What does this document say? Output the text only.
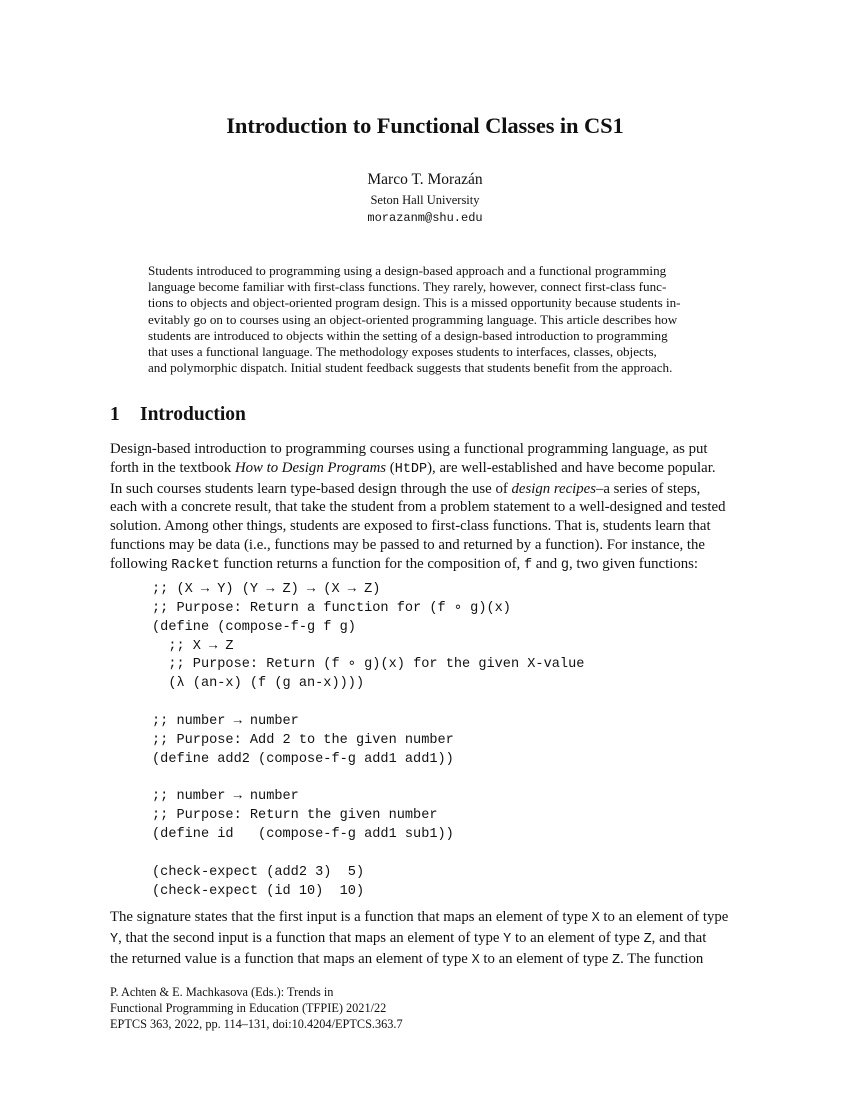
Introduction to Functional Classes in CS1
Marco T. Morazán
Seton Hall University
morazanm@shu.edu
Students introduced to programming using a design-based approach and a functional programming
language become familiar with first-class functions. They rarely, however, connect first-class func-
tions to objects and object-oriented program design. This is a missed opportunity because students in-
evitably go on to courses using an object-oriented programming language. This article describes how
students are introduced to objects within the setting of a design-based introduction to programming
that uses a functional language. The methodology exposes students to interfaces, classes, objects,
and polymorphic dispatch. Initial student feedback suggests that students benefit from the approach.
1 Introduction
Design-based introduction to programming courses using a functional programming language, as put
forth in the textbook How to Design Programs (HtDP), are well-established and have become popular.
In such courses students learn type-based design through the use of design recipes–a series of steps,
each with a concrete result, that take the student from a problem statement to a well-designed and tested
solution. Among other things, students are exposed to first-class functions. That is, students learn that
functions may be data (i.e., functions may be passed to and returned by a function). For instance, the
following Racket function returns a function for the composition of, f and g, two given functions:
;; (X → Y) (Y → Z) → (X → Z)
;; Purpose: Return a function for (f ∘ g)(x)
(define (compose-f-g f g)
;; X → Z
;; Purpose: Return (f ∘ g)(x) for the given X-value
(λ (an-x) (f (g an-x))))
;; number → number
;; Purpose: Add 2 to the given number
(define add2 (compose-f-g add1 add1))
;; number → number
;; Purpose: Return the given number
(define id   (compose-f-g add1 sub1))
(check-expect (add2 3)  5)
(check-expect (id 10)  10)
The signature states that the first input is a function that maps an element of type X to an element of type
Y, that the second input is a function that maps an element of type Y to an element of type Z, and that
the returned value is a function that maps an element of type X to an element of type Z. The function
P. Achten & E. Machkasova (Eds.): Trends in
Functional Programming in Education (TFPIE) 2021/22
EPTCS 363, 2022, pp. 114–131, doi:10.4204/EPTCS.363.7
